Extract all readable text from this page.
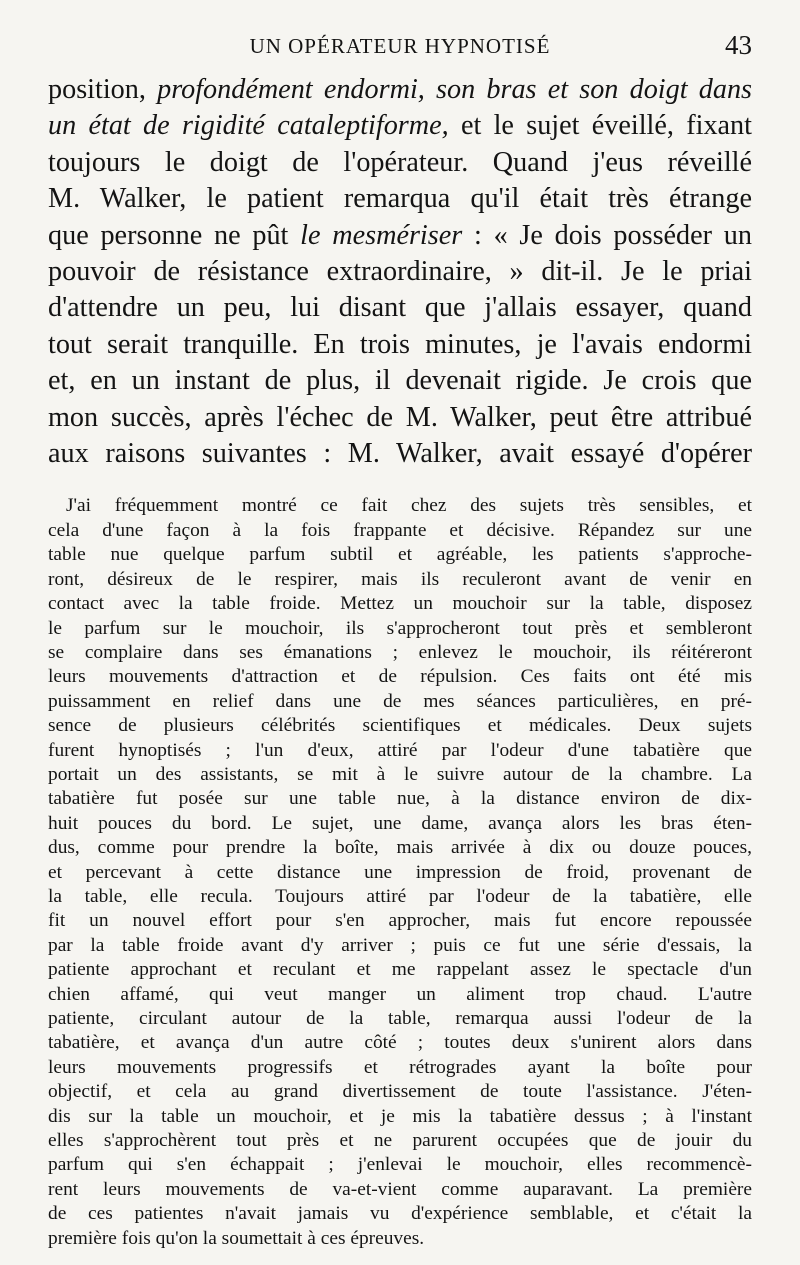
UN OPÉRATEUR HYPNOTISÉ	43
position, profondément endormi, son bras et son doigt dans
un état de rigidité cataleptiforme, et le sujet éveillé, fixant
toujours le doigt de l'opérateur. Quand j'eus réveillé
M. Walker, le patient remarqua qu'il était très étrange
que personne ne pût le mesmériser : « Je dois posséder un
pouvoir de résistance extraordinaire, » dit-il. Je le priai
d'attendre un peu, lui disant que j'allais essayer, quand
tout serait tranquille. En trois minutes, je l'avais endormi
et, en un instant de plus, il devenait rigide. Je crois que
mon succès, après l'échec de M. Walker, peut être attribué
aux raisons suivantes : M. Walker, avait essayé d'opérer
J'ai fréquemment montré ce fait chez des sujets très sensibles, et
cela d'une façon à la fois frappante et décisive. Répandez sur une
table nue quelque parfum subtil et agréable, les patients s'approche-
ront, désireux de le respirer, mais ils reculeront avant de venir en
contact avec la table froide. Mettez un mouchoir sur la table, disposez
le parfum sur le mouchoir, ils s'approcheront tout près et sembleront
se complaire dans ses émanations ; enlevez le mouchoir, ils réitéreront
leurs mouvements d'attraction et de répulsion. Ces faits ont été mis
puissamment en relief dans une de mes séances particulières, en pré-
sence de plusieurs célébrités scientifiques et médicales. Deux sujets
furent hynoptisés ; l'un d'eux, attiré par l'odeur d'une tabatière que
portait un des assistants, se mit à le suivre autour de la chambre. La
tabatière fut posée sur une table nue, à la distance environ de dix-
huit pouces du bord. Le sujet, une dame, avança alors les bras éten-
dus, comme pour prendre la boîte, mais arrivée à dix ou douze pouces,
et percevant à cette distance une impression de froid, provenant de
la table, elle recula. Toujours attiré par l'odeur de la tabatière, elle
fit un nouvel effort pour s'en approcher, mais fut encore repoussée
par la table froide avant d'y arriver ; puis ce fut une série d'essais, la
patiente approchant et reculant et me rappelant assez le spectacle d'un
chien affamé, qui veut manger un aliment trop chaud. L'autre
patiente, circulant autour de la table, remarqua aussi l'odeur de la
tabatière, et avança d'un autre côté ; toutes deux s'unirent alors dans
leurs mouvements progressifs et rétrogrades ayant la boîte pour
objectif, et cela au grand divertissement de toute l'assistance. J'éten-
dis sur la table un mouchoir, et je mis la tabatière dessus ; à l'instant
elles s'approchèrent tout près et ne parurent occupées que de jouir du
parfum qui s'en échappait ; j'enlevai le mouchoir, elles recommencè-
rent leurs mouvements de va-et-vient comme auparavant. La première
de ces patientes n'avait jamais vu d'expérience semblable, et c'était la
première fois qu'on la soumettait à ces épreuves.
